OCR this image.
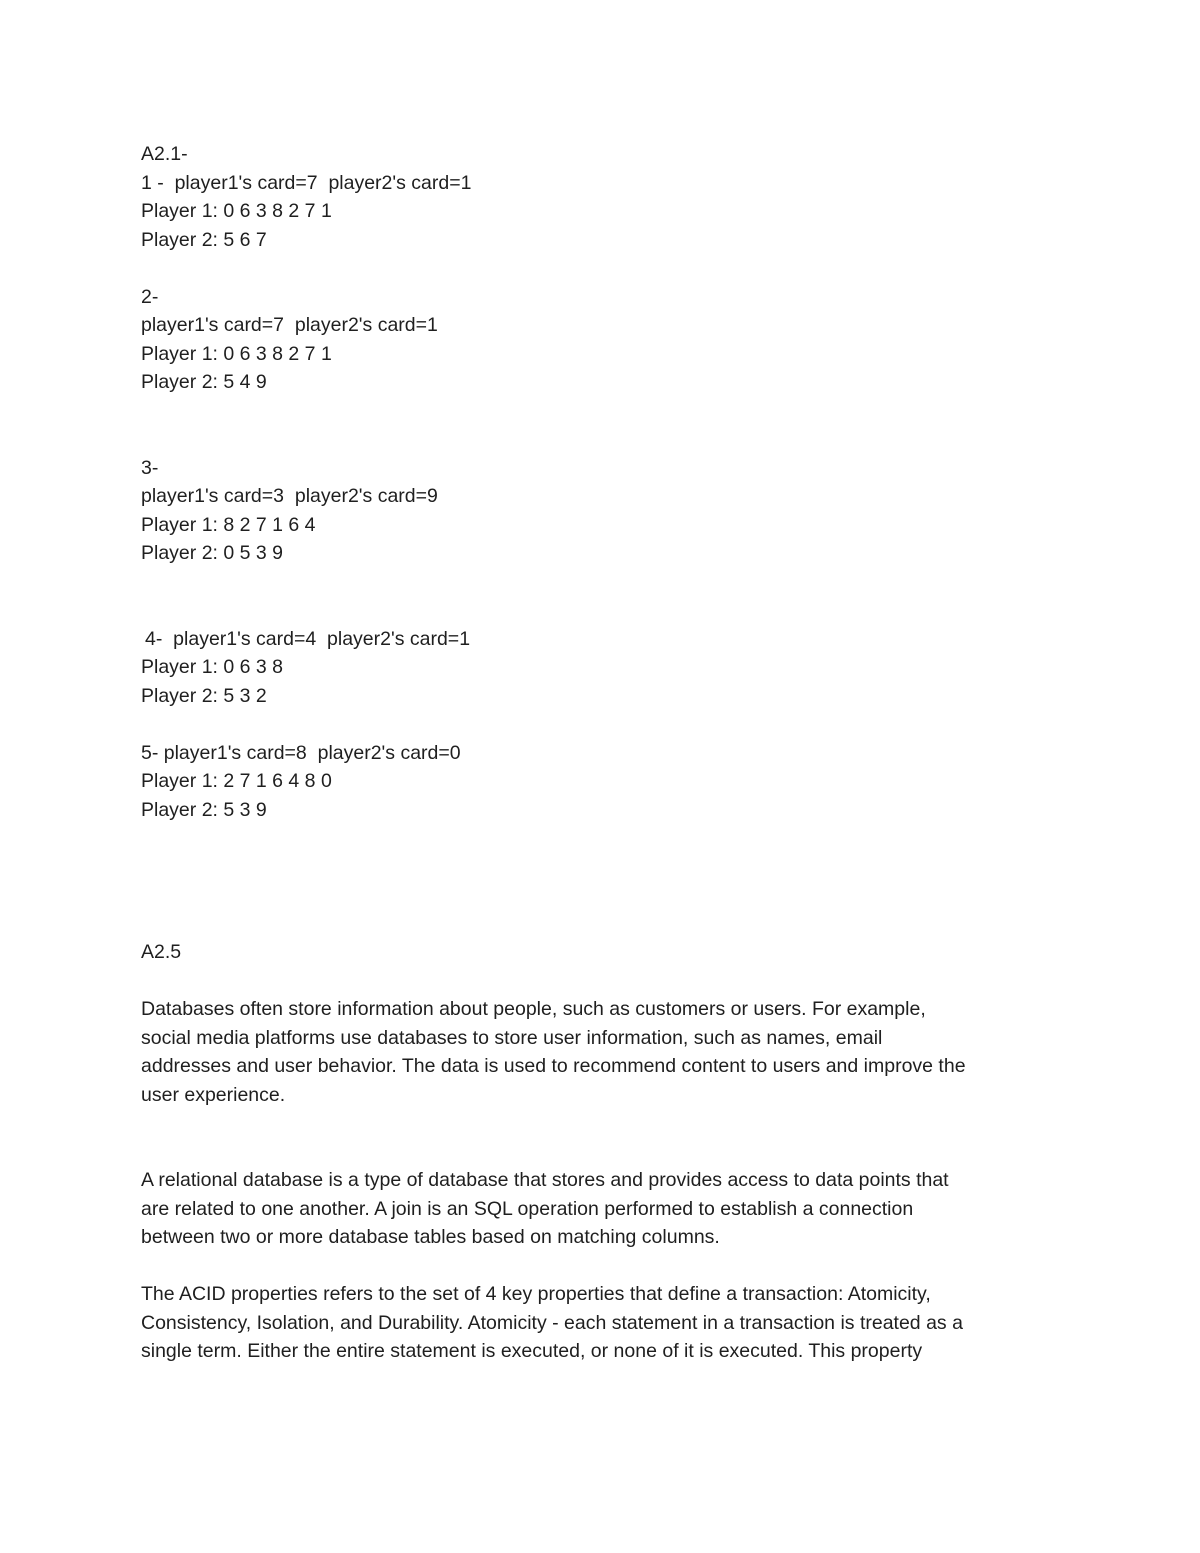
A2.1-

1 -  player1's card=7  player2's card=1

Player 1: 0 6 3 8 2 7 1

Player 2: 5 6 7

2-

player1's card=7  player2's card=1

Player 1: 0 6 3 8 2 7 1

Player 2: 5 4 9

3-

player1's card=3  player2's card=9

Player 1: 8 2 7 1 6 4

Player 2: 0 5 3 9

4-  player1's card=4  player2's card=1

Player 1: 0 6 3 8

Player 2: 5 3 2

5- player1's card=8  player2's card=0

Player 1: 2 7 1 6 4 8 0

Player 2: 5 3 9

A2.5

Databases often store information about people, such as customers or users. For example,

social media platforms use databases to store user information, such as names, email

addresses and user behavior. The data is used to recommend content to users and improve the

user experience.

A relational database is a type of database that stores and provides access to data points that

are related to one another. A join is an SQL operation performed to establish a connection

between two or more database tables based on matching columns.

The ACID properties refers to the set of 4 key properties that define a transaction: Atomicity,

Consistency, Isolation, and Durability. Atomicity - each statement in a transaction is treated as a

single term. Either the entire statement is executed, or none of it is executed. This property
